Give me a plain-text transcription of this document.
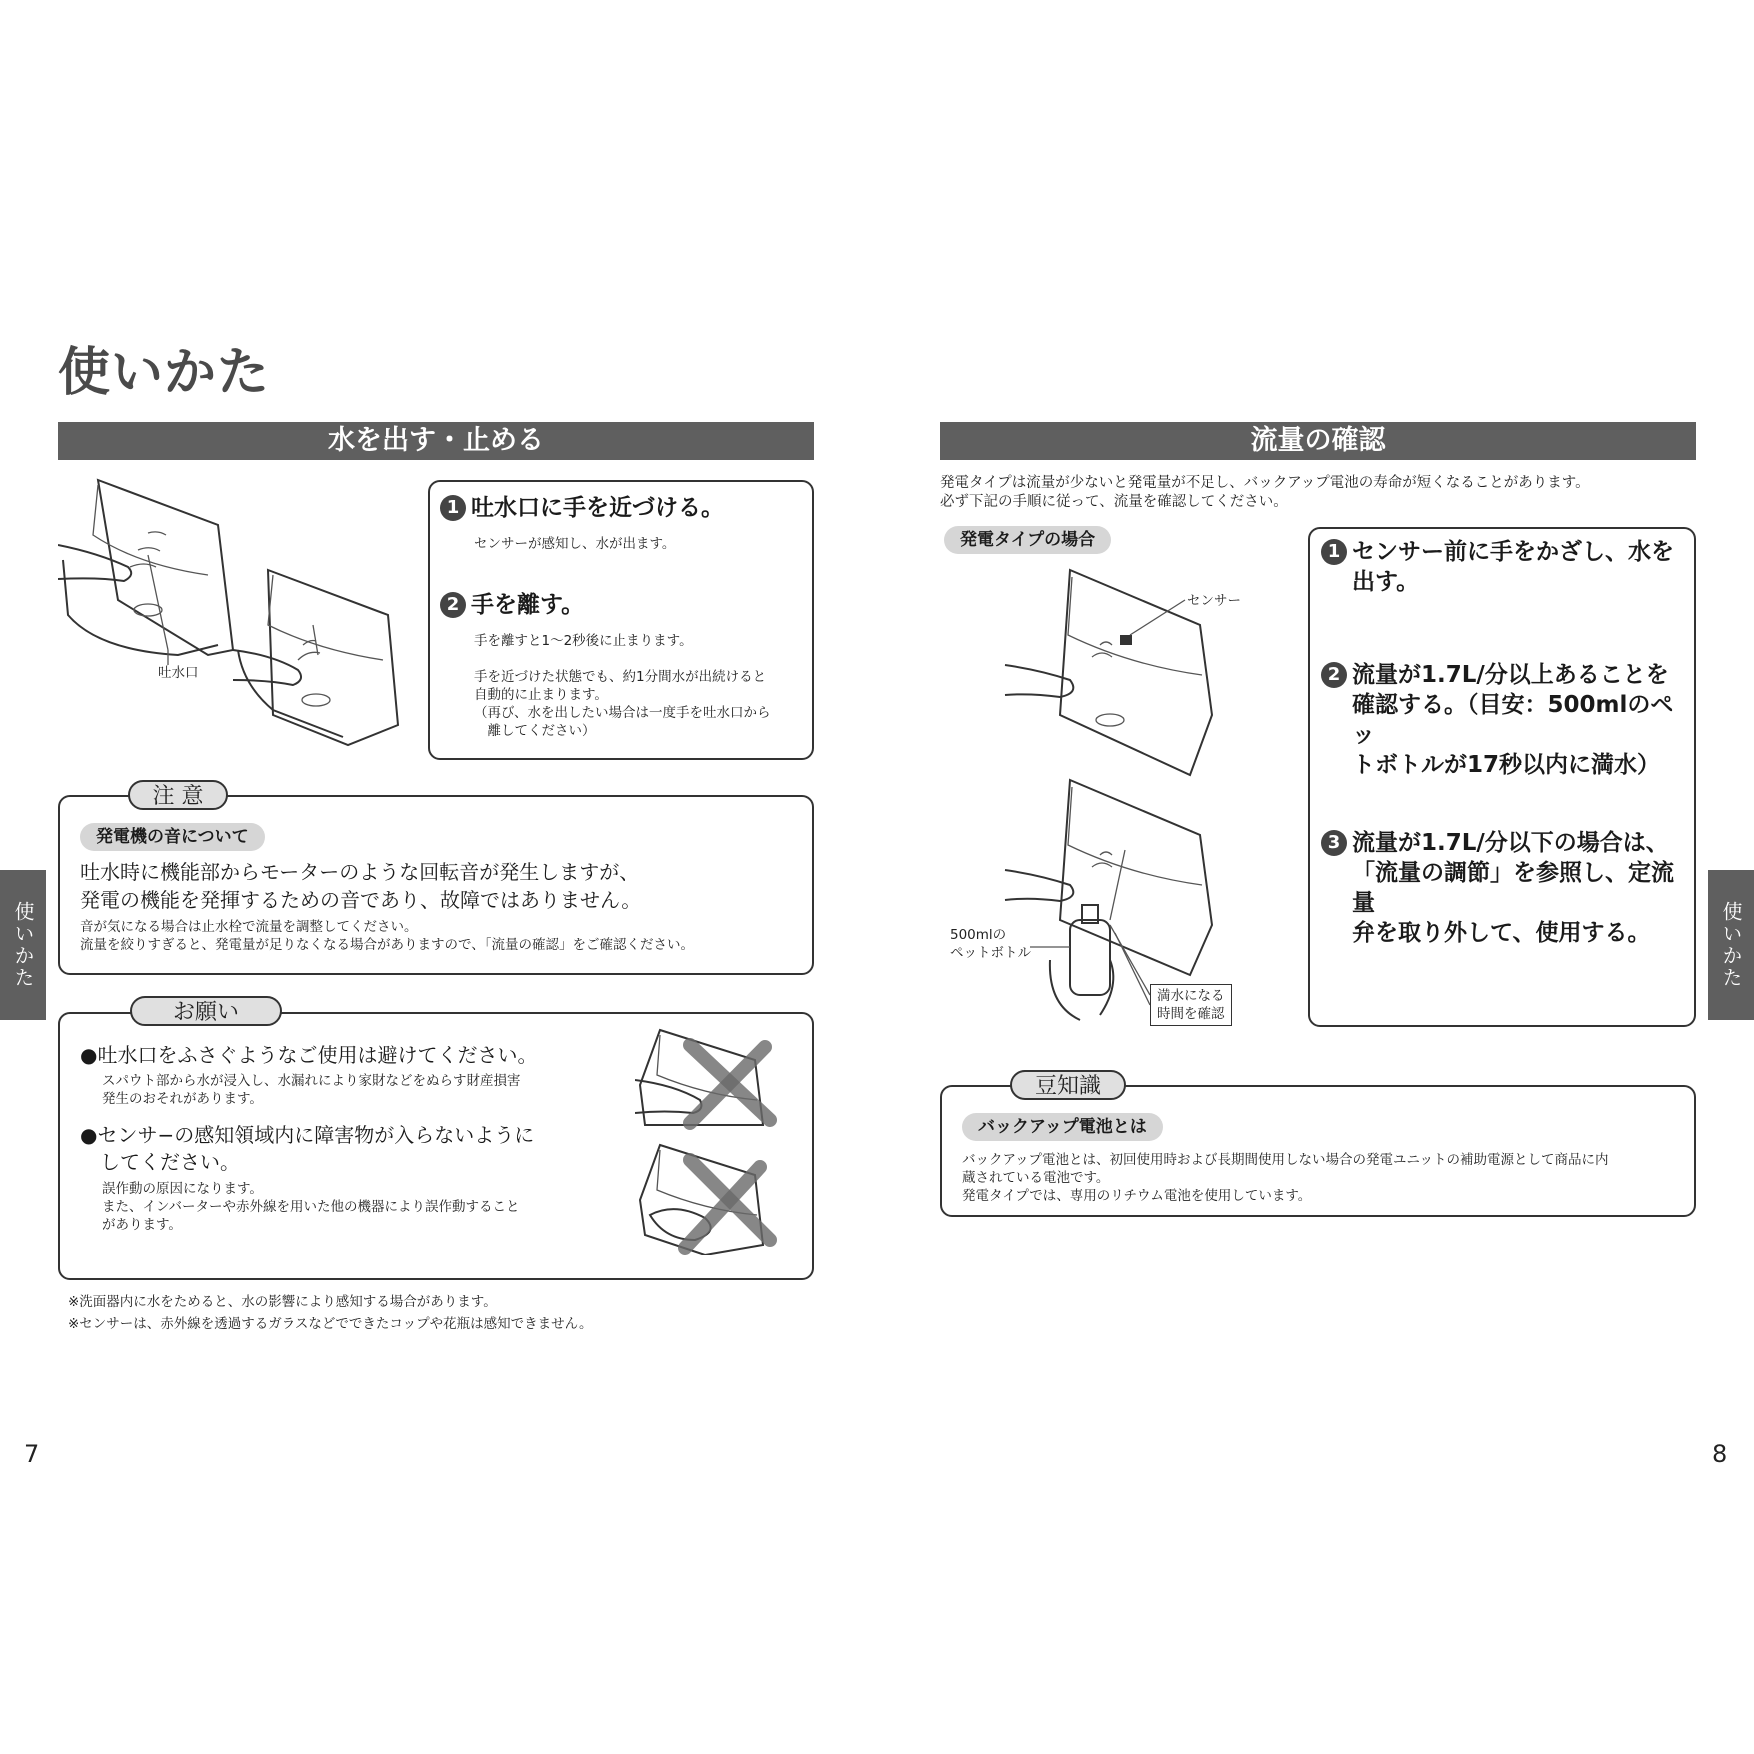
使いかた
使いかた	使いかた
7	8
水を出す・止める
吐水口
1 吐水口に手を近づける。
センサーが感知し、水が出ます。
2 手を離す。
手を離すと1〜2秒後に止まります。
手を近づけた状態でも、約1分間水が出続けると
自動的に止まります。
（再び、水を出したい場合は一度手を吐水口から
　離してください）
注 意
発電機の音について
吐水時に機能部からモーターのような回転音が発生しますが、
発電の機能を発揮するための音であり、故障ではありません。
音が気になる場合は止水栓で流量を調整してください。
流量を絞りすぎると、発電量が足りなくなる場合がありますので、「流量の確認」をご確認ください。
お願い
●吐水口をふさぐようなご使用は避けてください。
スパウト部から水が浸入し、水漏れにより家財などをぬらす財産損害
発生のおそれがあります。
●センサ−の感知領域内に障害物が入らないように
　してください。
誤作動の原因になります。
また、インバーターや赤外線を用いた他の機器により誤作動すること
があります。
※洗面器内に水をためると、水の影響により感知する場合があります。
※センサーは、赤外線を透過するガラスなどでできたコップや花瓶は感知できません。
流量の確認
発電タイプは流量が少ないと発電量が不足し、バックアップ電池の寿命が短くなることがあります。
必ず下記の手順に従って、流量を確認してください。
発電タイプの場合
センサー
500mlの
ペットボトル
満水になる
時間を確認
1 センサー前に手をかざし、水を
出す。
2 流量が1.7L/分以上あることを
確認する。（目安：500mlのペッ
トボトルが17秒以内に満水）
3 流量が1.7L/分以下の場合は、
「流量の調節」を参照し、定流量
弁を取り外して、使用する。
豆知識
バックアップ電池とは
バックアップ電池とは、初回使用時および長期間使用しない場合の発電ユニットの補助電源として商品に内
蔵されている電池です。
発電タイプでは、専用のリチウム電池を使用しています。
